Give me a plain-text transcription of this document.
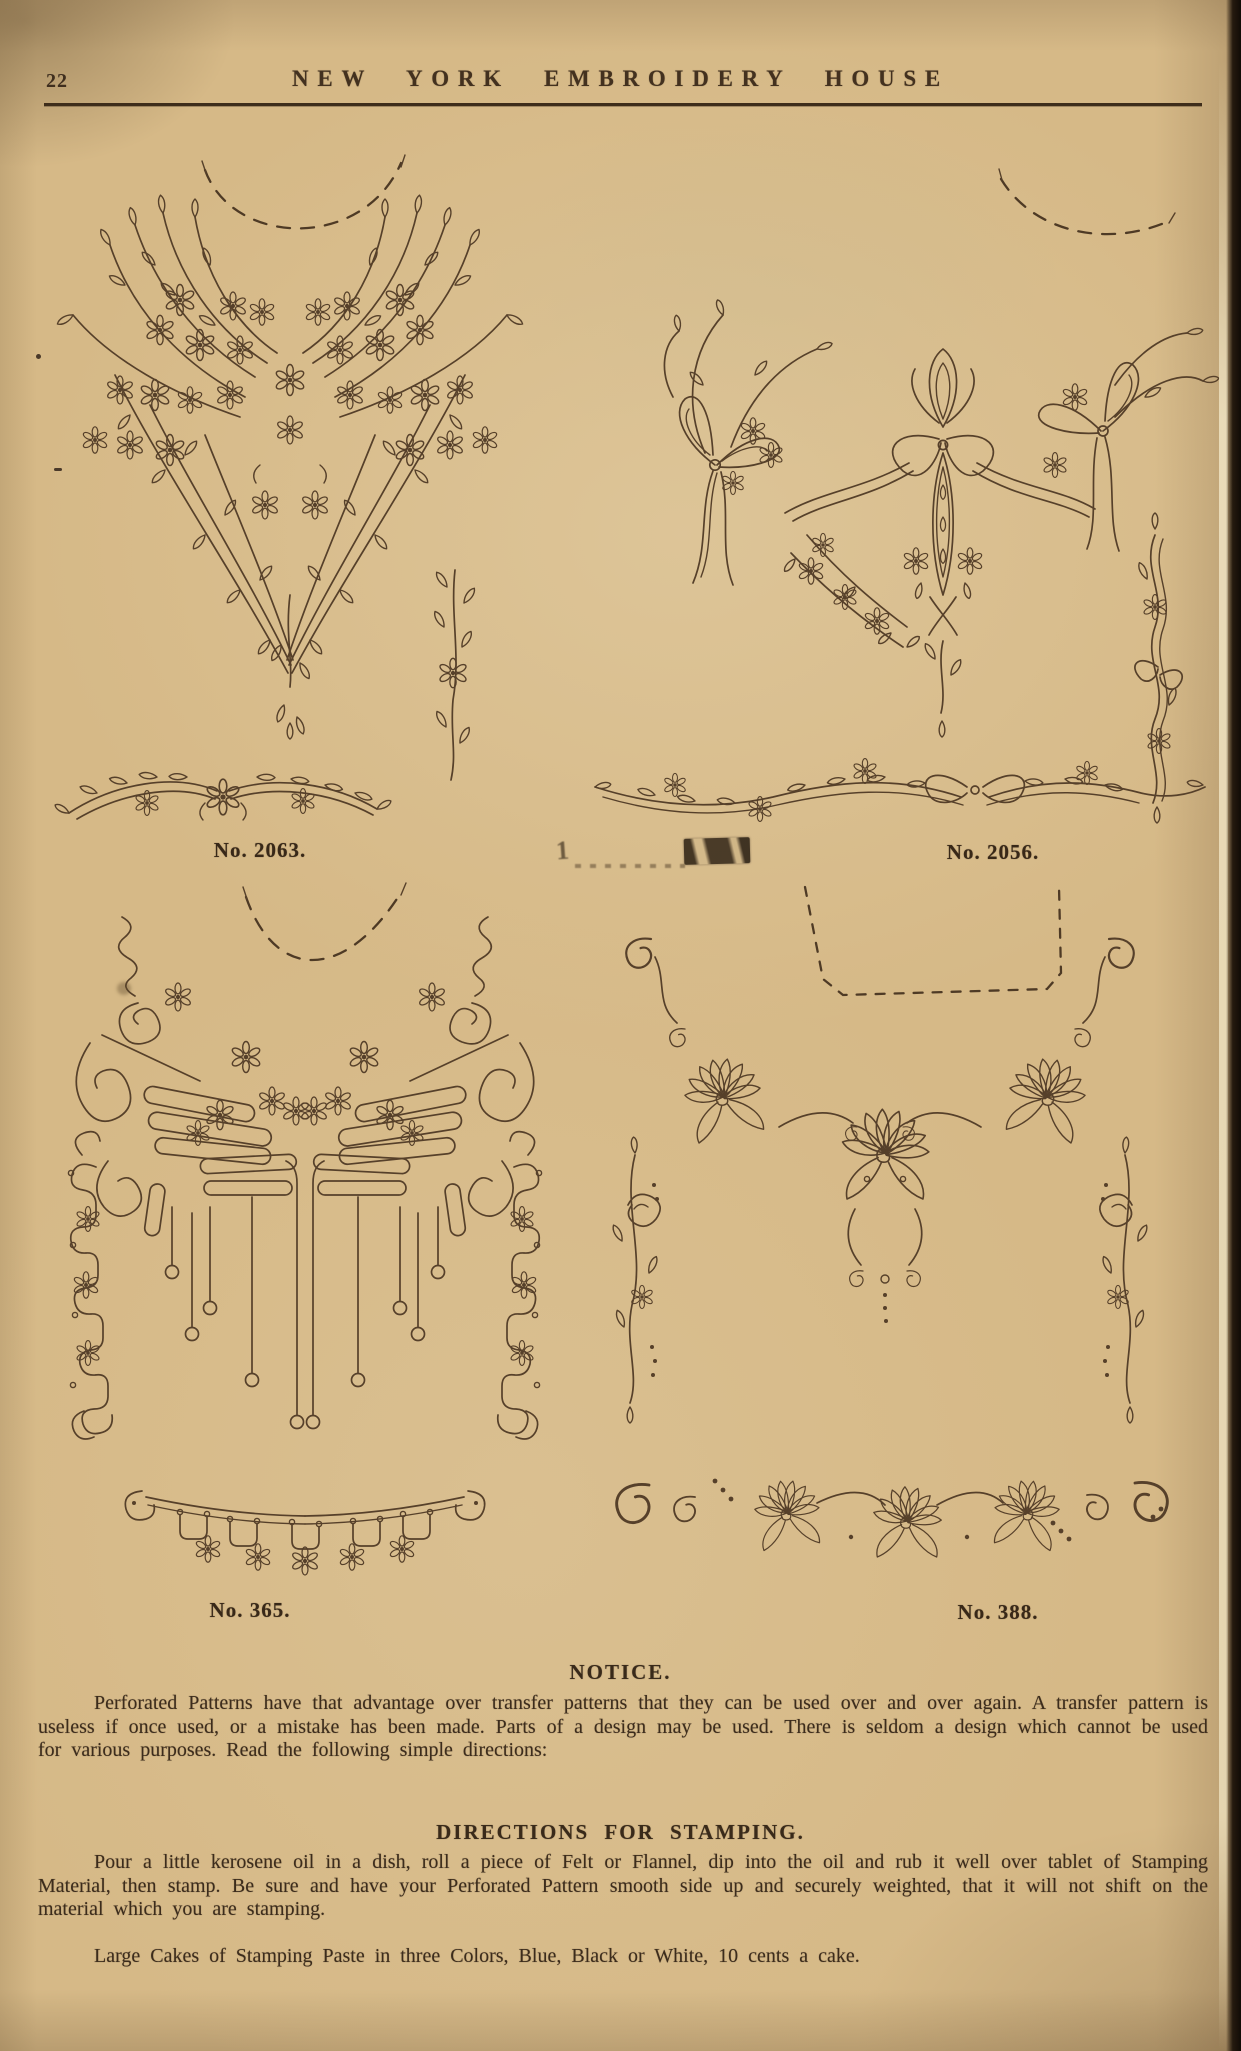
22	NEW YORK EMBROIDERY HOUSE
No. 2063.	1	No. 2056.
No. 365.	No. 388.
NOTICE.
Perforated Patterns have that advantage over transfer patterns that they can be used over and over again. A transfer pattern is useless if once used, or a mistake has been made. Parts of a design may be used. There is seldom a design which cannot be used for various purposes. Read the following simple directions:
DIRECTIONS FOR STAMPING.
Pour a little kerosene oil in a dish, roll a piece of Felt or Flannel, dip into the oil and rub it well over tablet of Stamping Material, then stamp. Be sure and have your Perforated Pattern smooth side up and securely weighted, that it will not shift on the material which you are stamping.
Large Cakes of Stamping Paste in three Colors, Blue, Black or White, 10 cents a cake.
